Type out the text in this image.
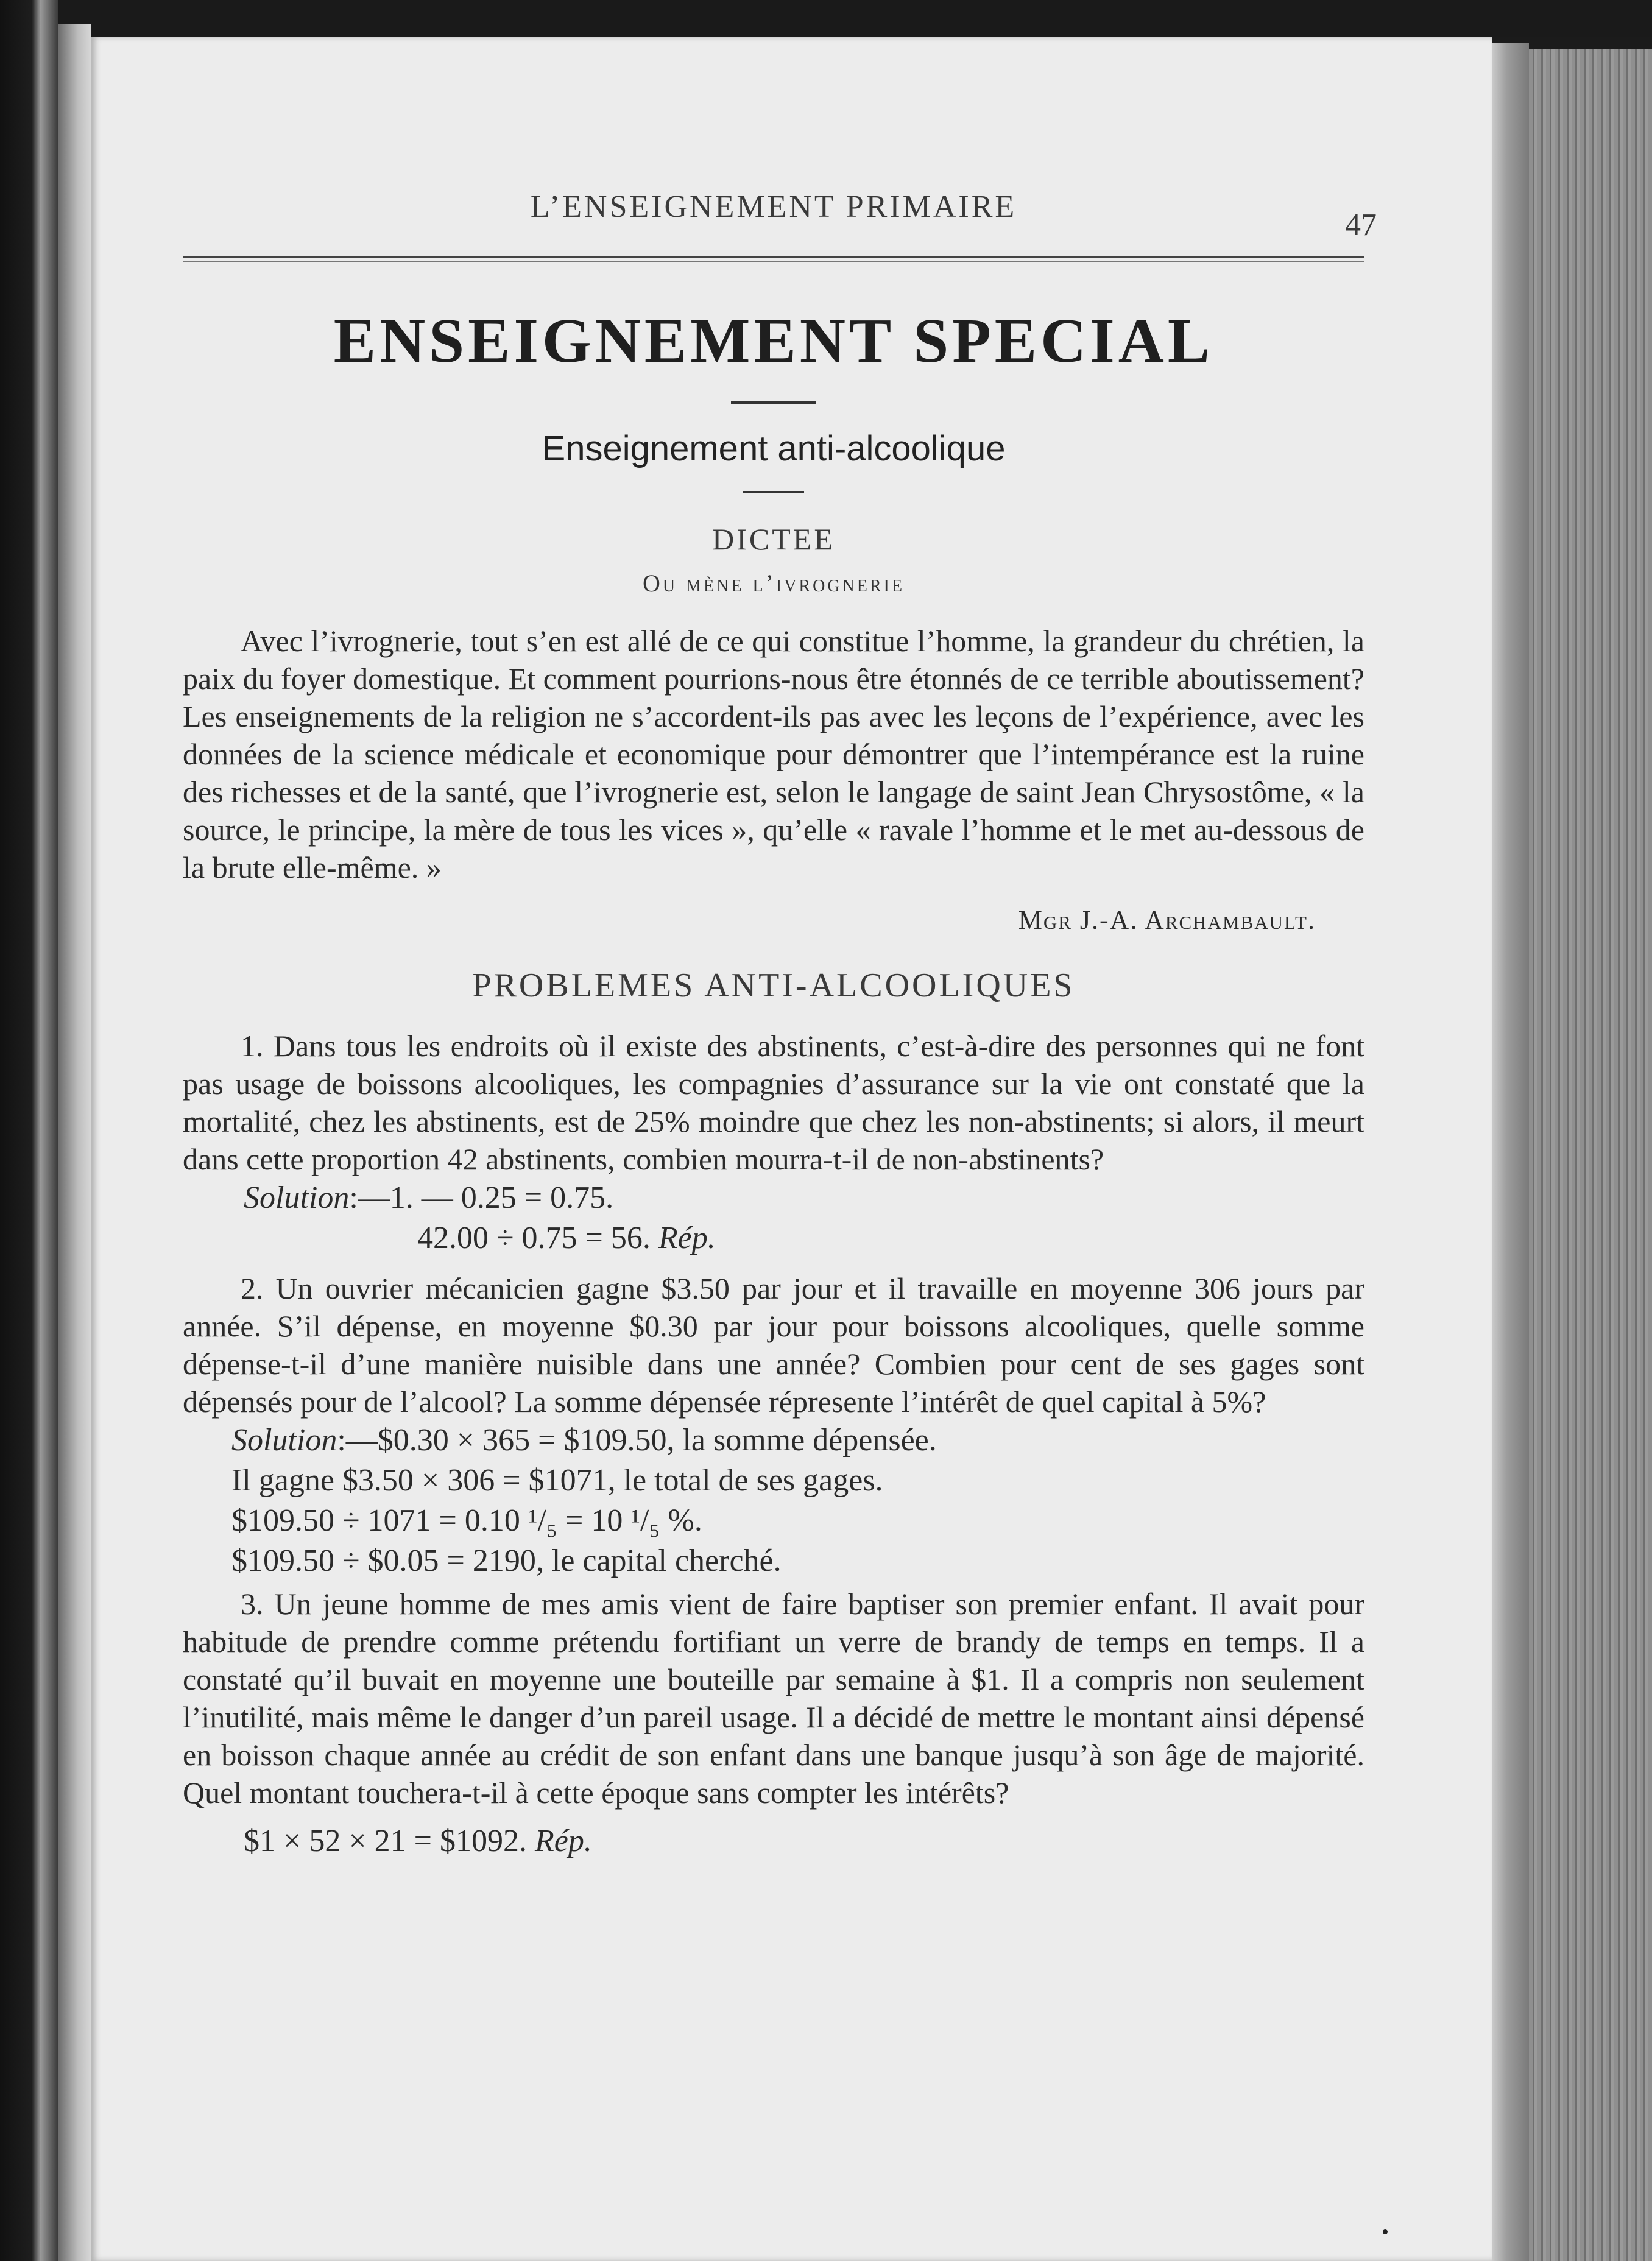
L’ENSEIGNEMENT PRIMAIRE
47
ENSEIGNEMENT SPECIAL
Enseignement anti-alcoolique
DICTEE
Ou mène l’ivrognerie

Avec l’ivrognerie, tout s’en est allé de ce qui constitue l’homme, la grandeur du chrétien, la paix du foyer domestique. Et comment pourrions-nous être étonnés de ce terrible aboutissement? Les enseignements de la religion ne s’accordent-ils pas avec les leçons de l’expérience, avec les données de la science médicale et economique pour démontrer que l’intempérance est la ruine des richesses et de la santé, que l’ivrognerie est, selon le langage de saint Jean Chrysostôme, « la source, le principe, la mère de tous les vices », qu’elle « ravale l’homme et le met au-dessous de la brute elle-même. »

Mgr J.-A. Archambault.
PROBLEMES ANTI-ALCOOLIQUES

1. Dans tous les endroits où il existe des abstinents, c’est-à-dire des personnes qui ne font pas usage de boissons alcooliques, les compagnies d’assurance sur la vie ont constaté que la mortalité, chez les abstinents, est de 25% moindre que chez les non-abstinents; si alors, il meurt dans cette proportion 42 abstinents, combien mourra-t-il de non-abstinents?

Solution:—1. — 0.25 = 0.75.
42.00 ÷ 0.75 = 56. Rép.

2. Un ouvrier mécanicien gagne $3.50 par jour et il travaille en moyenne 306 jours par année. S’il dépense, en moyenne $0.30 par jour pour boissons alcooliques, quelle somme dépense-t-il d’une manière nuisible dans une année? Combien pour cent de ses gages sont dépensés pour de l’alcool? La somme dépensée répresente l’intérêt de quel capital à 5%?

Solution:—$0.30 × 365 = $109.50, la somme dépensée.
Il gagne $3.50 × 306 = $1071, le total de ses gages.
$109.50 ÷ 1071 = 0.10 ¹/₅ = 10 ¹/₅ %.
$109.50 ÷ $0.05 = 2190, le capital cherché.

3. Un jeune homme de mes amis vient de faire baptiser son premier enfant. Il avait pour habitude de prendre comme prétendu fortifiant un verre de brandy de temps en temps. Il a constaté qu’il buvait en moyenne une bouteille par semaine à $1. Il a compris non seulement l’inutilité, mais même le danger d’un pareil usage. Il a décidé de mettre le montant ainsi dépensé en boisson chaque année au crédit de son enfant dans une banque jusqu’à son âge de majorité. Quel montant touchera-t-il à cette époque sans compter les intérêts?

$1 × 52 × 21 = $1092. Rép.
